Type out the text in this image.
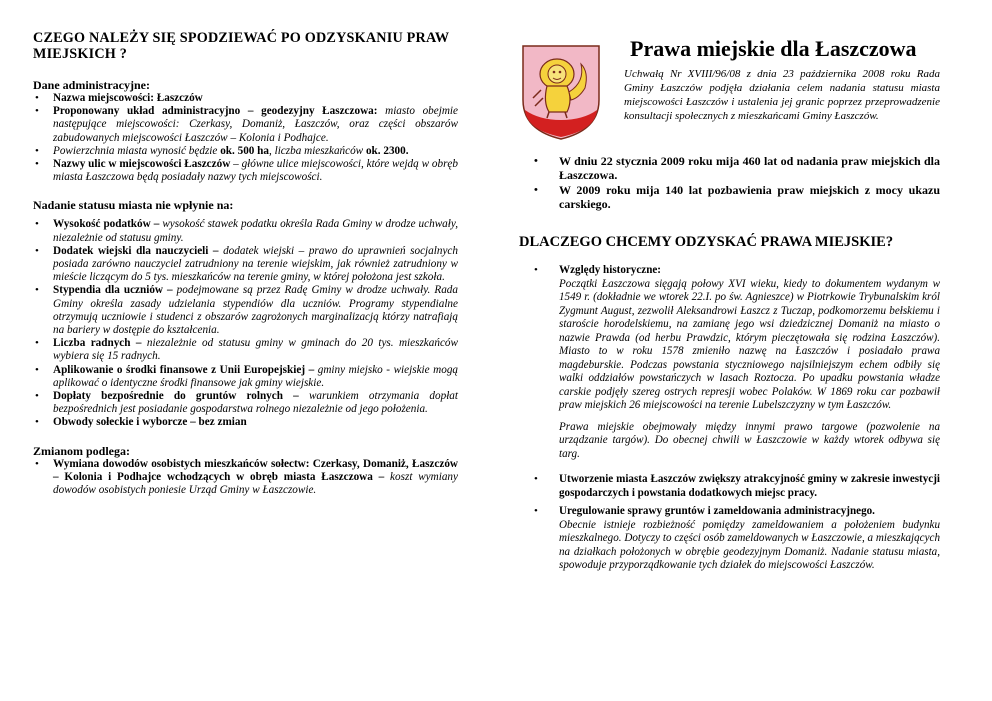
CZEGO NALEŻY SIĘ SPODZIEWAĆ PO ODZYSKANIU PRAW MIEJSKICH ?

Dane administracyjne:

• Nazwa miejscowości: Łaszczów
• Proponowany układ administracyjno – geodezyjny Łaszczowa: miasto obejmie następujące miejscowości: Czerkasy, Domaniż, Łaszczów, oraz części obszarów zabudowanych miejscowości Łaszczów – Kolonia i Podhajce.
• Powierzchnia miasta wynosić będzie ok. 500 ha, liczba mieszkańców ok. 2300.
• Nazwy ulic w miejscowości Łaszczów – główne ulice miejscowości, które wejdą w obręb miasta Łaszczowa będą posiadały nazwy tych miejscowości.

Nadanie statusu miasta nie wpłynie na:

• Wysokość podatków – wysokość stawek podatku określa Rada Gminy w drodze uchwały, niezależnie od statusu gminy.
• Dodatek wiejski dla nauczycieli – dodatek wiejski – prawo do uprawnień socjalnych posiada zarówno nauczyciel zatrudniony na terenie wiejskim, jak również zatrudniony w mieście liczącym do 5 tys. mieszkańców na terenie gminy, w której położona jest szkoła.
• Stypendia dla uczniów – podejmowane są przez Radę Gminy w drodze uchwały. Rada Gminy określa zasady udzielania stypendiów dla uczniów. Programy stypendialne otrzymują uczniowie i studenci z obszarów zagrożonych marginalizacją którzy natrafiają na bariery w dostępie do kształcenia.
• Liczba radnych – niezależnie od statusu gminy w gminach do 20 tys. mieszkańców wybiera się 15 radnych.
• Aplikowanie o środki finansowe z Unii Europejskiej – gminy miejsko - wiejskie mogą aplikować o identyczne środki finansowe jak gminy wiejskie.
• Dopłaty bezpośrednie do gruntów rolnych – warunkiem otrzymania dopłat bezpośrednich jest posiadanie gospodarstwa rolnego niezależnie od jego położenia.
• Obwody sołeckie i wyborcze – bez zmian

Zmianom podlega:

• Wymiana dowodów osobistych mieszkańców sołectw: Czerkasy, Domaniż, Łaszczów – Kolonia i Podhajce wchodzących w obręb miasta Łaszczowa – koszt wymiany dowodów osobistych poniesie Urząd Gminy w Łaszczowie.
Prawa miejskie dla Łaszczowa
Uchwałą Nr XVIII/96/08 z dnia 23 października 2008 roku Rada Gminy Łaszczów podjęła działania celem nadania statusu miasta miejscowości Łaszczów i ustalenia jej granic poprzez przeprowadzenie konsultacji społecznych z mieszkańcami Gminy Łaszczów.
• W dniu 22 stycznia 2009 roku mija 460 lat od nadania praw miejskich dla Łaszczowa.
• W 2009 roku mija 140 lat pozbawienia praw miejskich z mocy ukazu carskiego.
DLACZEGO CHCEMY ODZYSKAĆ PRAWA MIEJSKIE?
• Względy historyczne:
Początki Łaszczowa sięgają połowy XVI wieku, kiedy to dokumentem wydanym w 1549 r. (dokładnie we wtorek 22.I. po św. Agnieszce) w Piotrkowie Trybunalskim król Zygmunt August, zezwolił Aleksandrowi Łaszcz z Tuczap, podkomorzemu bełskiemu i staroście horodelskiemu, na zamianę jego wsi dziedzicznej Domaniż na miasto o nazwie Prawda (od herbu Prawdzic, którym pieczętowała się rodzina Łaszczów). Miasto to w roku 1578 zmieniło nazwę na Łaszczów i posiadało prawa magdeburskie. Podczas powstania styczniowego najsilniejszym echem odbiły się walki oddziałów powstańczych w lasach Roztocza. Po upadku powstania władze carskie podjęły szereg ostrych represji wobec Polaków. W 1869 roku car pozbawił praw miejskich 26 miejscowości na terenie Lubelszczyzny w tym Łaszczów.
Prawa miejskie obejmowały między innymi prawo targowe (pozwolenie na urządzanie targów). Do obecnej chwili w Łaszczowie w każdy wtorek odbywa się targ.
• Utworzenie miasta Łaszczów zwiększy atrakcyjność gminy w zakresie inwestycji gospodarczych i powstania dodatkowych miejsc pracy.
• Uregulowanie sprawy gruntów i zameldowania administracyjnego.
Obecnie istnieje rozbieżność pomiędzy zameldowaniem a położeniem budynku mieszkalnego. Dotyczy to części osób zameldowanych w Łaszczowie, a mieszkających na działkach położonych w obrębie geodezyjnym Domaniż. Nadanie statusu miasta, spowoduje przyporządkowanie tych działek do miejscowości Łaszczów.
